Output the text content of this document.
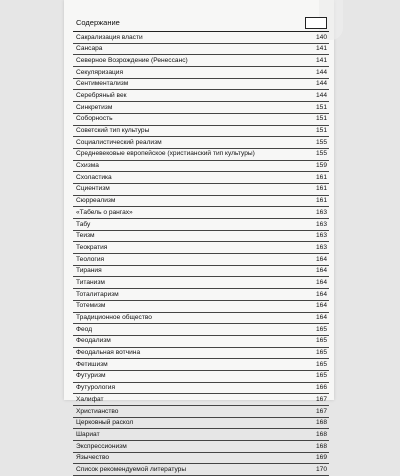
Содержание
Сакрализация власти	140
Сансара	141
Северное Возрождение (Ренессанс)	141
Секуляризация	144
Сентиментализм	144
Серебряный век	144
Синкретизм	151
Соборность	151
Советский тип культуры	151
Социалистический реализм	155
Средневековые европейское (христианский тип культуры)	155
Схизма	159
Схоластика	161
Сциентизм	161
Сюрреализм	161
«Табель о рангах»	163
Табу	163
Теизм	163
Теократия	163
Теология	164
Тирания	164
Титанизм	164
Тоталитаризм	164
Тотемизм	164
Традиционное общество	164
Феод	165
Феодализм	165
Феодальная вотчина	165
Фетишизм	165
Футуризм	165
Футурология	166
Халифат	167
Христианство	167
Церковный раскол	168
Шариат	168
Экспрессионизм	168
Язычество	169
Список рекомендуемой литературы	170
